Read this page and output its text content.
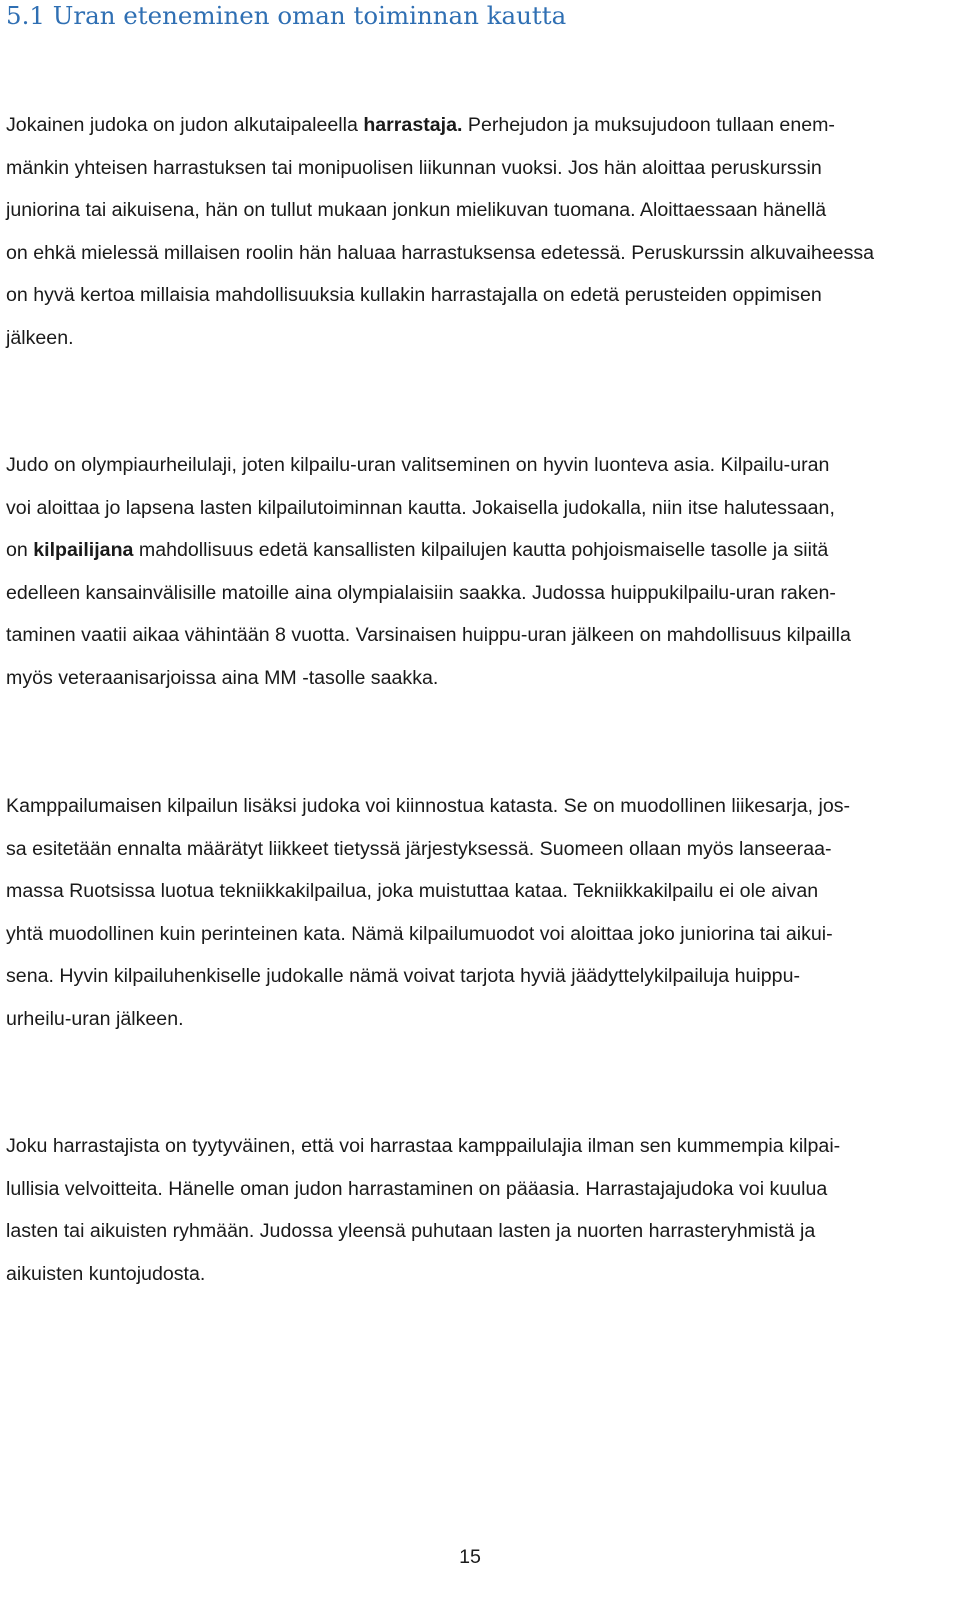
5.1 Uran eteneminen oman toiminnan kautta
Jokainen judoka on judon alkutaipaleella harrastaja. Perhejudon ja muksujudoon tullaan enem-
mänkin yhteisen harrastuksen tai monipuolisen liikunnan vuoksi. Jos hän aloittaa peruskurssin
juniorina tai aikuisena, hän on tullut mukaan jonkun mielikuvan tuomana. Aloittaessaan hänellä
on ehkä mielessä millaisen roolin hän haluaa harrastuksensa edetessä. Peruskurssin alkuvaiheessa
on hyvä kertoa millaisia mahdollisuuksia kullakin harrastajalla on edetä perusteiden oppimisen
jälkeen.
Judo on olympiaurheilulaji, joten kilpailu-uran valitseminen on hyvin luonteva asia. Kilpailu-uran
voi aloittaa jo lapsena lasten kilpailutoiminnan kautta. Jokaisella judokalla, niin itse halutessaan,
on kilpailijana mahdollisuus edetä kansallisten kilpailujen kautta pohjoismaiselle tasolle ja siitä
edelleen kansainvälisille matoille aina olympialaisiin saakka. Judossa huippukilpailu-uran raken-
taminen vaatii aikaa vähintään 8 vuotta. Varsinaisen huippu-uran jälkeen on mahdollisuus kilpailla
myös veteraanisarjoissa aina MM -tasolle saakka.
Kamppailumaisen kilpailun lisäksi judoka voi kiinnostua katasta. Se on muodollinen liikesarja, jos-
sa esitetään ennalta määrätyt liikkeet tietyssä järjestyksessä. Suomeen ollaan myös lanseeraa-
massa Ruotsissa luotua tekniikkakilpailua, joka muistuttaa kataa. Tekniikkakilpailu ei ole aivan
yhtä muodollinen kuin perinteinen kata. Nämä kilpailumuodot voi aloittaa joko juniorina tai aikui-
sena. Hyvin kilpailuhenkiselle judokalle nämä voivat tarjota hyviä jäädyttelykilpailuja huippu-
urheilu-uran jälkeen.
Joku harrastajista on tyytyväinen, että voi harrastaa kamppailulajia ilman sen kummempia kilpai-
lullisia velvoitteita. Hänelle oman judon harrastaminen on pääasia. Harrastajajudoka voi kuulua
lasten tai aikuisten ryhmään. Judossa yleensä puhutaan lasten ja nuorten harrasteryhmistä ja
aikuisten kuntojudosta.
15
